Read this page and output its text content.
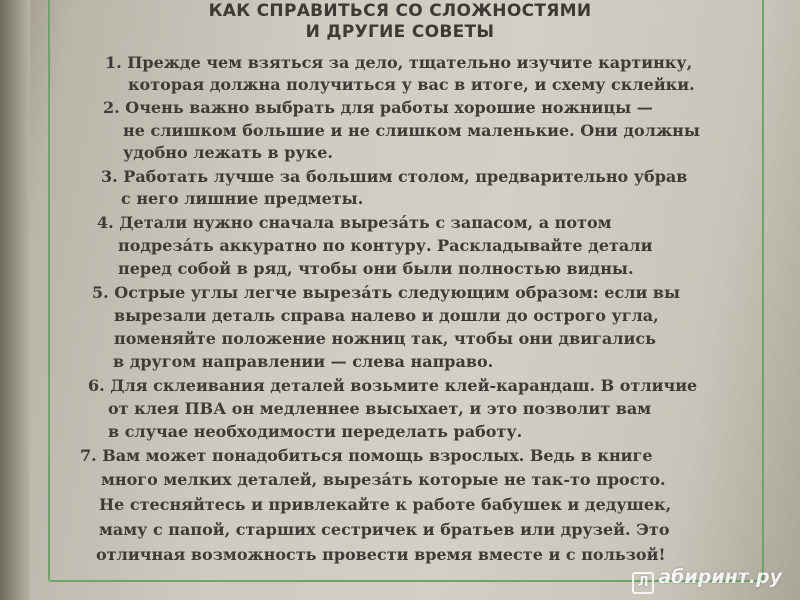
КАК СПРАВИТЬСЯ СО СЛОЖНОСТЯМИ
И ДРУГИЕ СОВЕТЫ
1. Прежде чем взяться за дело, тщательно изучите картинку,
которая должна получиться у вас в итоге, и схему склейки.
2. Очень важно выбрать для работы хорошие ножницы —
не слишком большие и не слишком маленькие. Они должны
удобно лежать в руке.
3. Работать лучше за большим столом, предварительно убрав
с него лишние предметы.
4. Детали нужно сначала вырезáть с запасом, а потом
подрезáть аккуратно по контуру. Раскладывайте детали
перед собой в ряд, чтобы они были полностью видны.
5. Острые углы легче вырезáть следующим образом: если вы
вырезали деталь справа налево и дошли до острого угла,
поменяйте положение ножниц так, чтобы они двигались
в другом направлении — слева направо.
6. Для склеивания деталей возьмите клей-карандаш. В отличие
от клея ПВА он медленнее высыхает, и это позволит вам
в случае необходимости переделать работу.
7. Вам может понадобиться помощь взрослых. Ведь в книге
много мелких деталей, вырезáть которые не так-то просто.
Не стесняйтесь и привлекайте к работе бабушек и дедушек,
маму с папой, старших сестричек и братьев или друзей. Это
отличная возможность провести время вместе и с пользой!
Л абиринт.ру
